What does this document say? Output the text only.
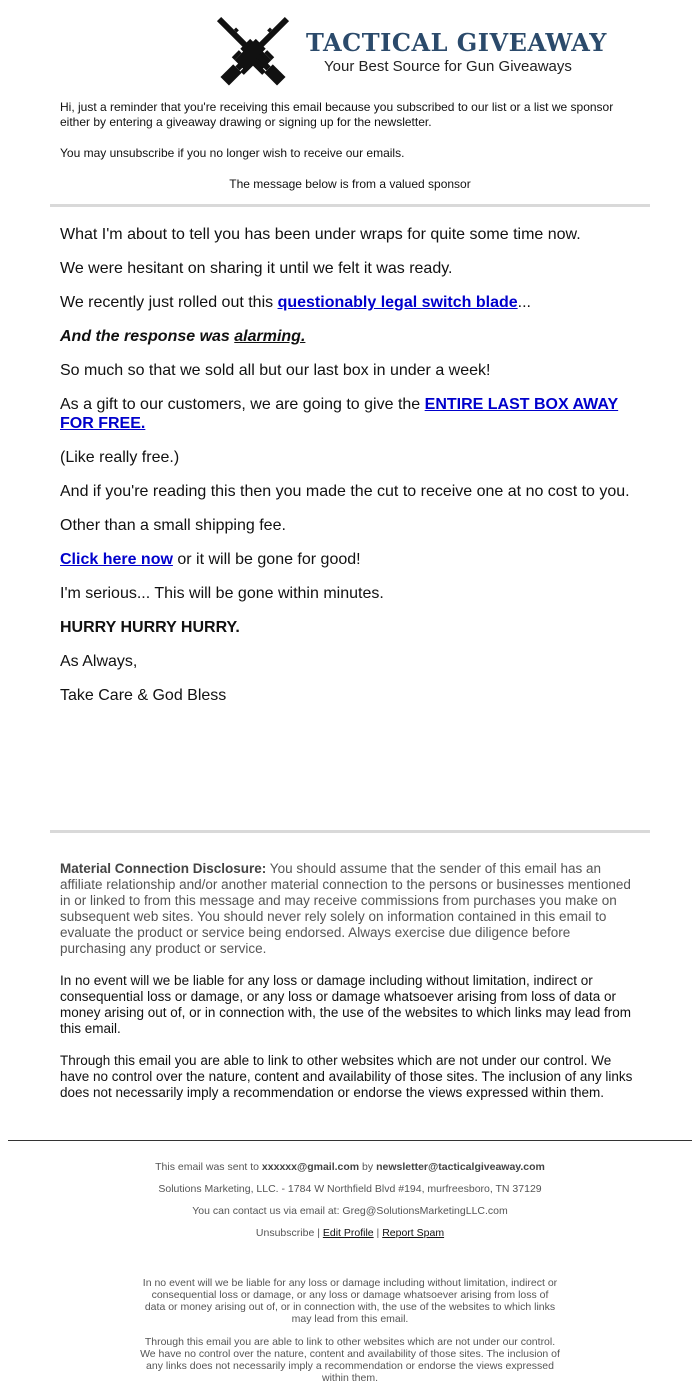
TACTICAL GIVEAWAY
Your Best Source for Gun Giveaways

Hi, just a reminder that you're receiving this email because you subscribed to our list or a list we sponsor either by entering a giveaway drawing or signing up for the newsletter.

You may unsubscribe if you no longer wish to receive our emails.

The message below is from a valued sponsor

What I'm about to tell you has been under wraps for quite some time now.

We were hesitant on sharing it until we felt it was ready.

We recently just rolled out this questionably legal switch blade...

And the response was alarming.

So much so that we sold all but our last box in under a week!

As a gift to our customers, we are going to give the ENTIRE LAST BOX AWAY FOR FREE.

(Like really free.)

And if you're reading this then you made the cut to receive one at no cost to you.

Other than a small shipping fee.

Click here now or it will be gone for good!

I'm serious... This will be gone within minutes.

HURRY HURRY HURRY.

As Always,

Take Care & God Bless

Material Connection Disclosure: You should assume that the sender of this email has an affiliate relationship and/or another material connection to the persons or businesses mentioned in or linked to from this message and may receive commissions from purchases you make on subsequent web sites. You should never rely solely on information contained in this email to evaluate the product or service being endorsed. Always exercise due diligence before purchasing any product or service.

In no event will we be liable for any loss or damage including without limitation, indirect or consequential loss or damage, or any loss or damage whatsoever arising from loss of data or money arising out of, or in connection with, the use of the websites to which links may lead from this email.

Through this email you are able to link to other websites which are not under our control. We have no control over the nature, content and availability of those sites. The inclusion of any links does not necessarily imply a recommendation or endorse the views expressed within them.

This email was sent to xxxxxx@gmail.com by newsletter@tacticalgiveaway.com

Solutions Marketing, LLC. - 1784 W Northfield Blvd #194, murfreesboro, TN 37129

You can contact us via email at: Greg@SolutionsMarketingLLC.com

Unsubscribe | Edit Profile | Report Spam

In no event will we be liable for any loss or damage including without limitation, indirect or consequential loss or damage, or any loss or damage whatsoever arising from loss of data or money arising out of, or in connection with, the use of the websites to which links may lead from this email.

Through this email you are able to link to other websites which are not under our control. We have no control over the nature, content and availability of those sites. The inclusion of any links does not necessarily imply a recommendation or endorse the views expressed within them.
